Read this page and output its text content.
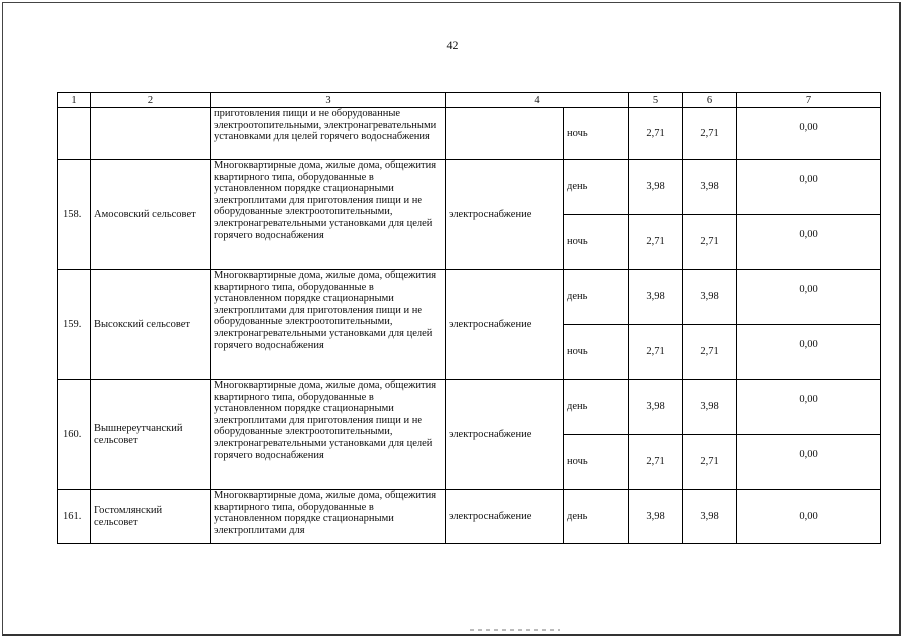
42
1	2	3	4		5	6	7	
		приготовления пищи и не оборудованные электроотопительными, электронагревательными установками для целей горячего водоснабжения		ночь	2,71	2,71	0,00	
158.	Амосовский сельсовет	Многоквартирные дома, жилые дома, общежития квартирного типа, оборудованные в установленном порядке стационарными электроплитами для приготовления пищи и не оборудованные электроотопительными, электронагревательными установками для целей горячего водоснабжения	электроснабжение	день	3,98	3,98	0,00	
				ночь	2,71	2,71	0,00	
159.	Высокский сельсовет	Многоквартирные дома, жилые дома, общежития квартирного типа, оборудованные в установленном порядке стационарными электроплитами для приготовления пищи и не оборудованные электроотопительными, электронагревательными установками для целей горячего водоснабжения	электроснабжение	день	3,98	3,98	0,00	
				ночь	2,71	2,71	0,00	
160.	Вышнереутчанский сельсовет	Многоквартирные дома, жилые дома, общежития квартирного типа, оборудованные в установленном порядке стационарными электроплитами для приготовления пищи и не оборудованные электроотопительными, электронагревательными установками для целей горячего водоснабжения	электроснабжение	день	3,98	3,98	0,00	
				ночь	2,71	2,71	0,00	
161.	Гостомлянский сельсовет	Многоквартирные дома, жилые дома, общежития квартирного типа, оборудованные в установленном порядке стационарными электроплитами для	электроснабжение	день	3,98	3,98	0,00	
